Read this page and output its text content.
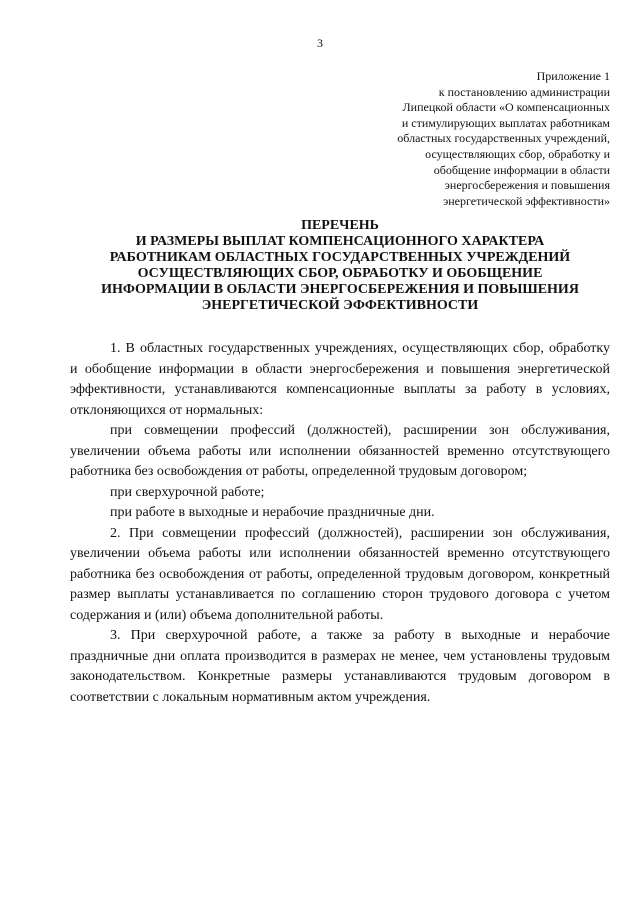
3
Приложение 1
к постановлению администрации
Липецкой области «О компенсационных
и стимулирующих выплатах работникам
областных государственных учреждений,
осуществляющих сбор, обработку и
обобщение информации в области
энергосбережения и повышения
энергетической эффективности»
ПЕРЕЧЕНЬ
И РАЗМЕРЫ ВЫПЛАТ КОМПЕНСАЦИОННОГО ХАРАКТЕРА
РАБОТНИКАМ ОБЛАСТНЫХ ГОСУДАРСТВЕННЫХ УЧРЕЖДЕНИЙ
ОСУЩЕСТВЛЯЮЩИХ СБОР, ОБРАБОТКУ И ОБОБЩЕНИЕ
ИНФОРМАЦИИ В ОБЛАСТИ ЭНЕРГОСБЕРЕЖЕНИЯ И ПОВЫШЕНИЯ
ЭНЕРГЕТИЧЕСКОЙ ЭФФЕКТИВНОСТИ

1. В областных государственных учреждениях, осуществляющих сбор, обработку и обобщение информации в области энергосбережения и повышения энергетической эффективности, устанавливаются компенсационные выплаты за работу в условиях, отклоняющихся от нормальных:

при совмещении профессий (должностей), расширении зон обслуживания, увеличении объема работы или исполнении обязанностей временно отсутствующего работника без освобождения от работы, определенной трудовым договором;

при сверхурочной работе;

при работе в выходные и нерабочие праздничные дни.

2. При совмещении профессий (должностей), расширении зон обслуживания, увеличении объема работы или исполнении обязанностей временно отсутствующего работника без освобождения от работы, определенной трудовым договором, конкретный размер выплаты устанавливается по соглашению сторон трудового договора с учетом содержания и (или) объема дополнительной работы.

3. При сверхурочной работе, а также за работу в выходные и нерабочие праздничные дни оплата производится в размерах не менее, чем установлены трудовым законодательством. Конкретные размеры устанавливаются трудовым договором в соответствии с локальным нормативным актом учреждения.
